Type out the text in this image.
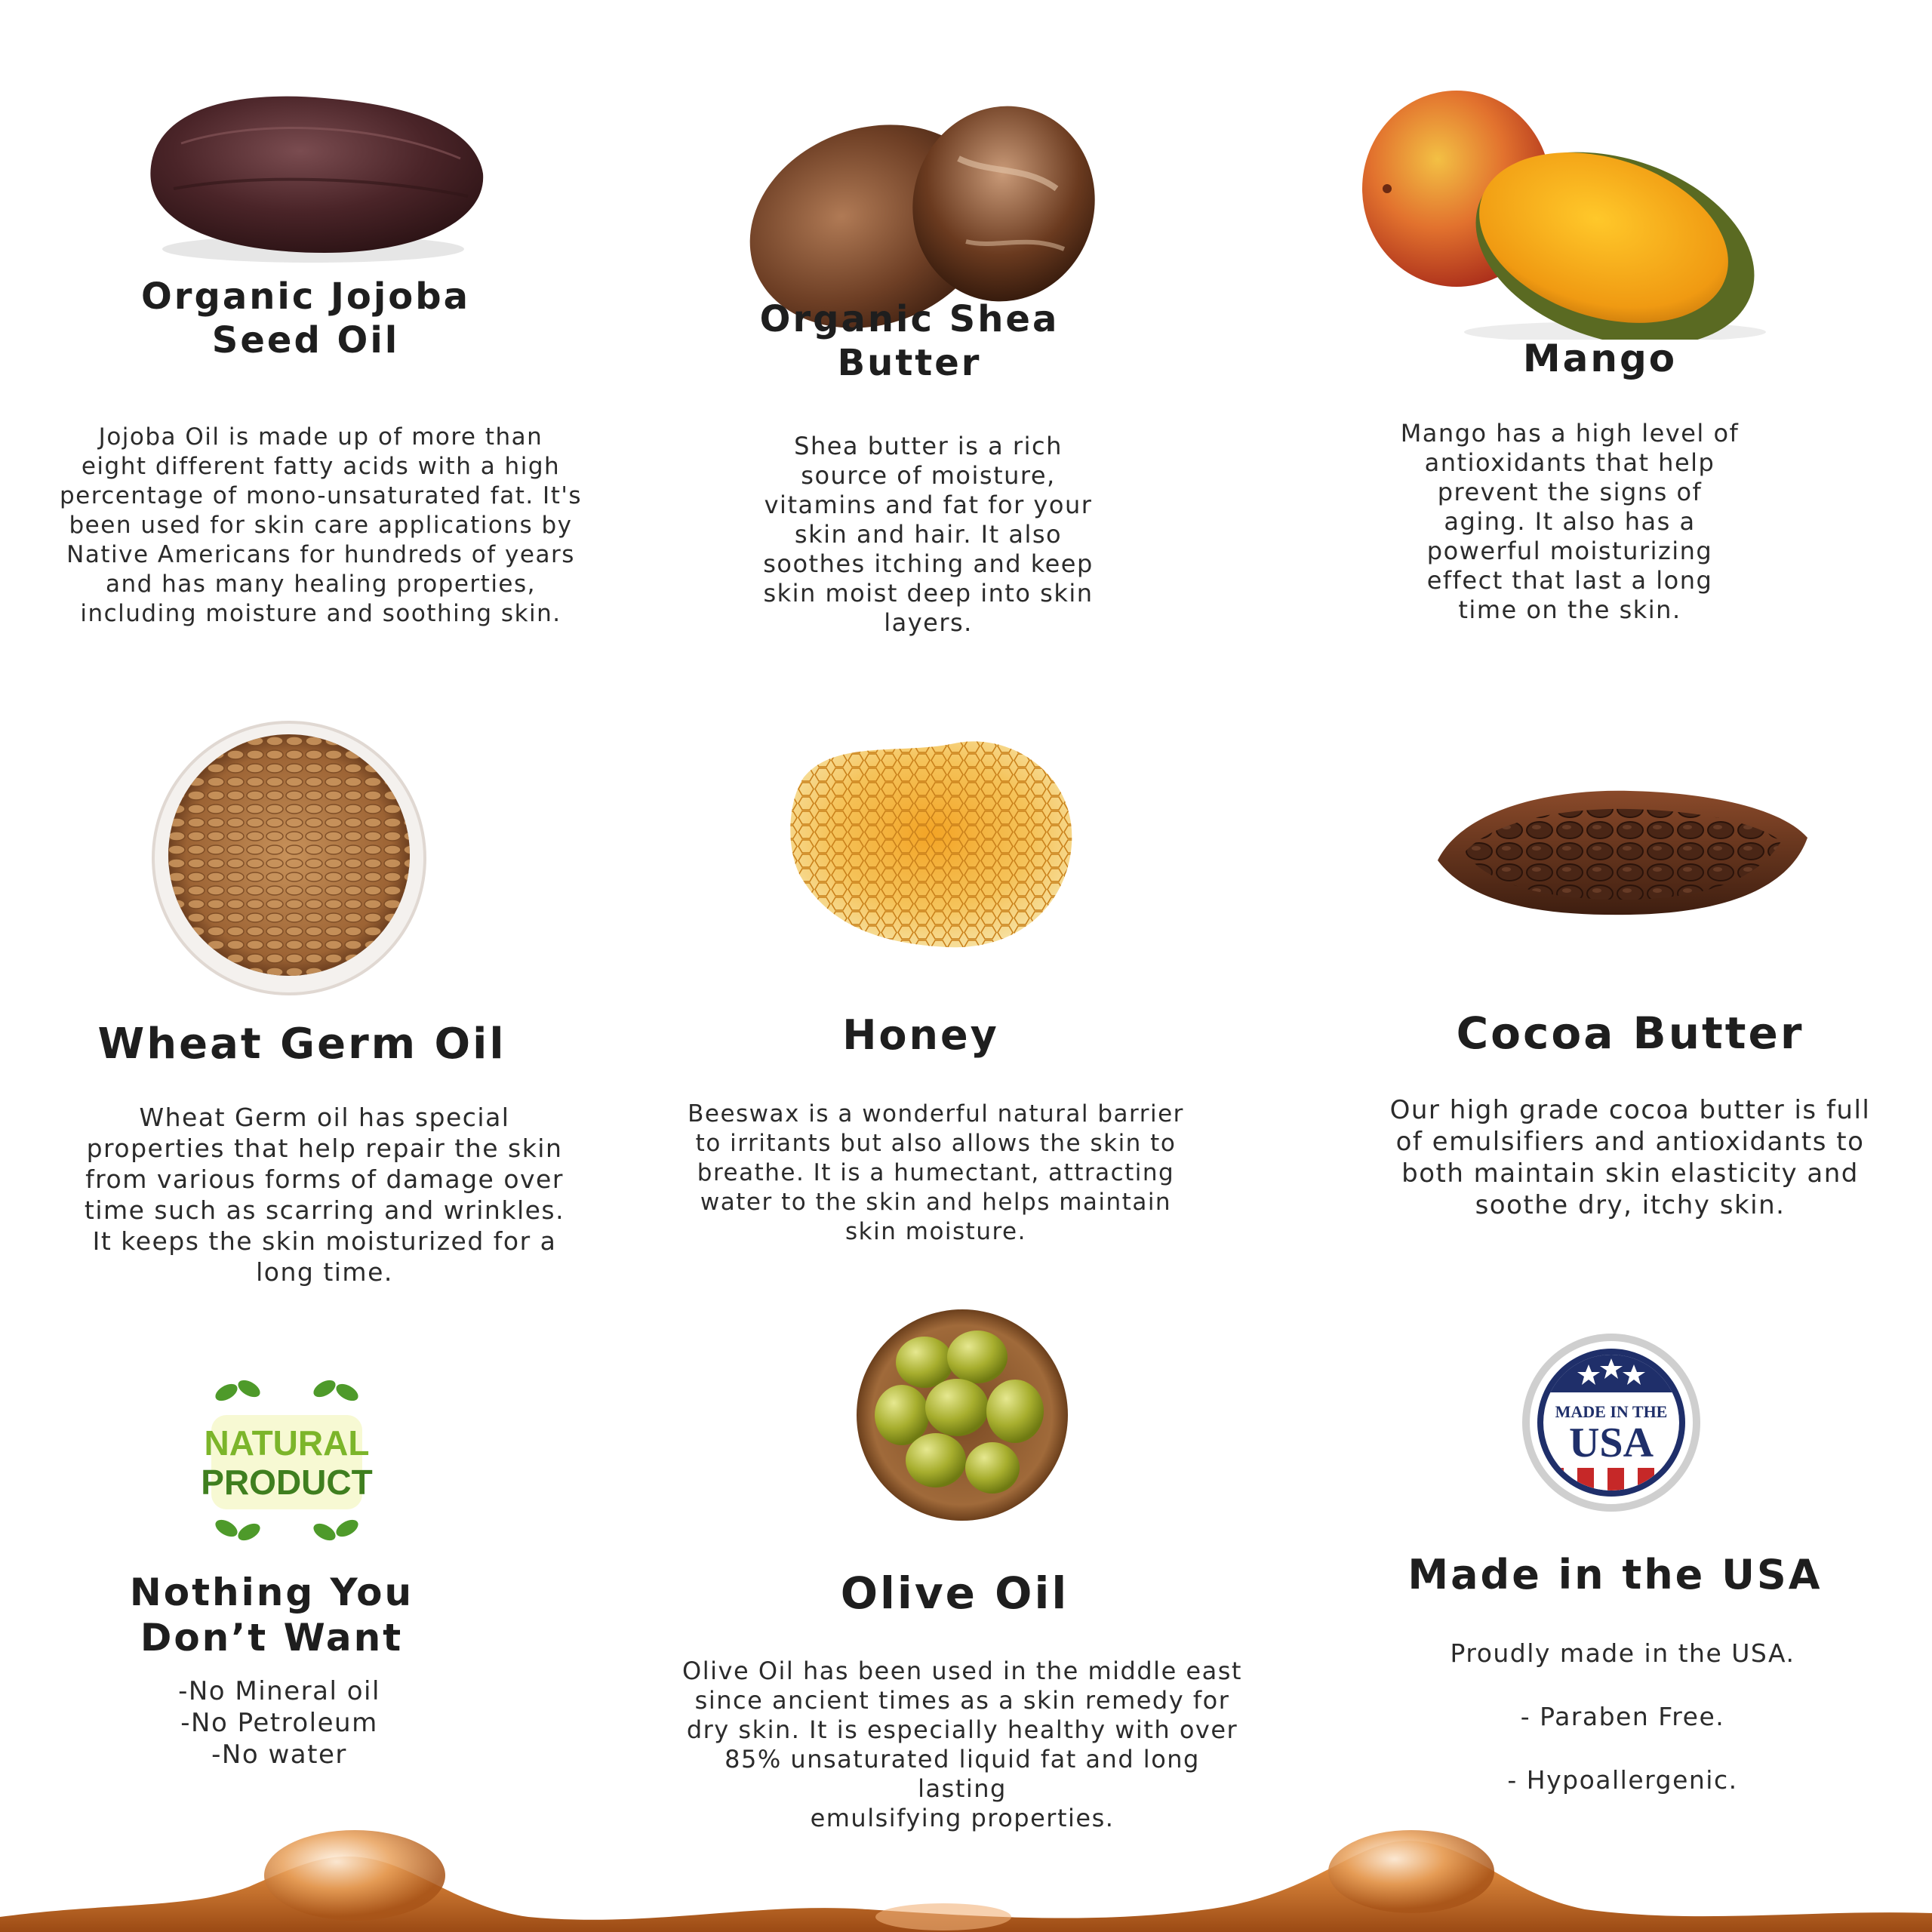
Organic Jojoba
Seed Oil

Jojoba Oil is made up of more than
eight different fatty acids with a high
percentage of mono-unsaturated fat. It's
been used for skin care applications by
Native Americans for hundreds of years
and has many healing properties,
including moisture and soothing skin.

Organic Shea
Butter

Shea butter is a rich
source of moisture,
vitamins and fat for your
skin and hair. It also
soothes itching and keep
skin moist deep into skin
layers.

Mango

Mango has a high level of
antioxidants that help
prevent the signs of
aging. It also has a
powerful moisturizing
effect that last a long
time on the skin.

Wheat Germ Oil

Wheat Germ oil has special
properties that help repair the skin
from various forms of damage over
time such as scarring and wrinkles.
It keeps the skin moisturized for a
long time.

Honey

Beeswax is a wonderful natural barrier
to irritants but also allows the skin to
breathe. It is a humectant, attracting
water to the skin and helps maintain
skin moisture.

Cocoa Butter

Our high grade cocoa butter is full
of emulsifiers and antioxidants to
both maintain skin elasticity and
soothe dry, itchy skin.

NATURAL
PRODUCT
Nothing You
Don’t Want

-No Mineral oil
-No Petroleum
-No water

Olive Oil

Olive Oil has been used in the middle east
since ancient times as a skin remedy for
dry skin. It is especially healthy with over
85% unsaturated liquid fat and long lasting
emulsifying properties.

MADE IN THE
USA
Made in the USA

Proudly made in the USA.

- Paraben Free.

- Hypoallergenic.
